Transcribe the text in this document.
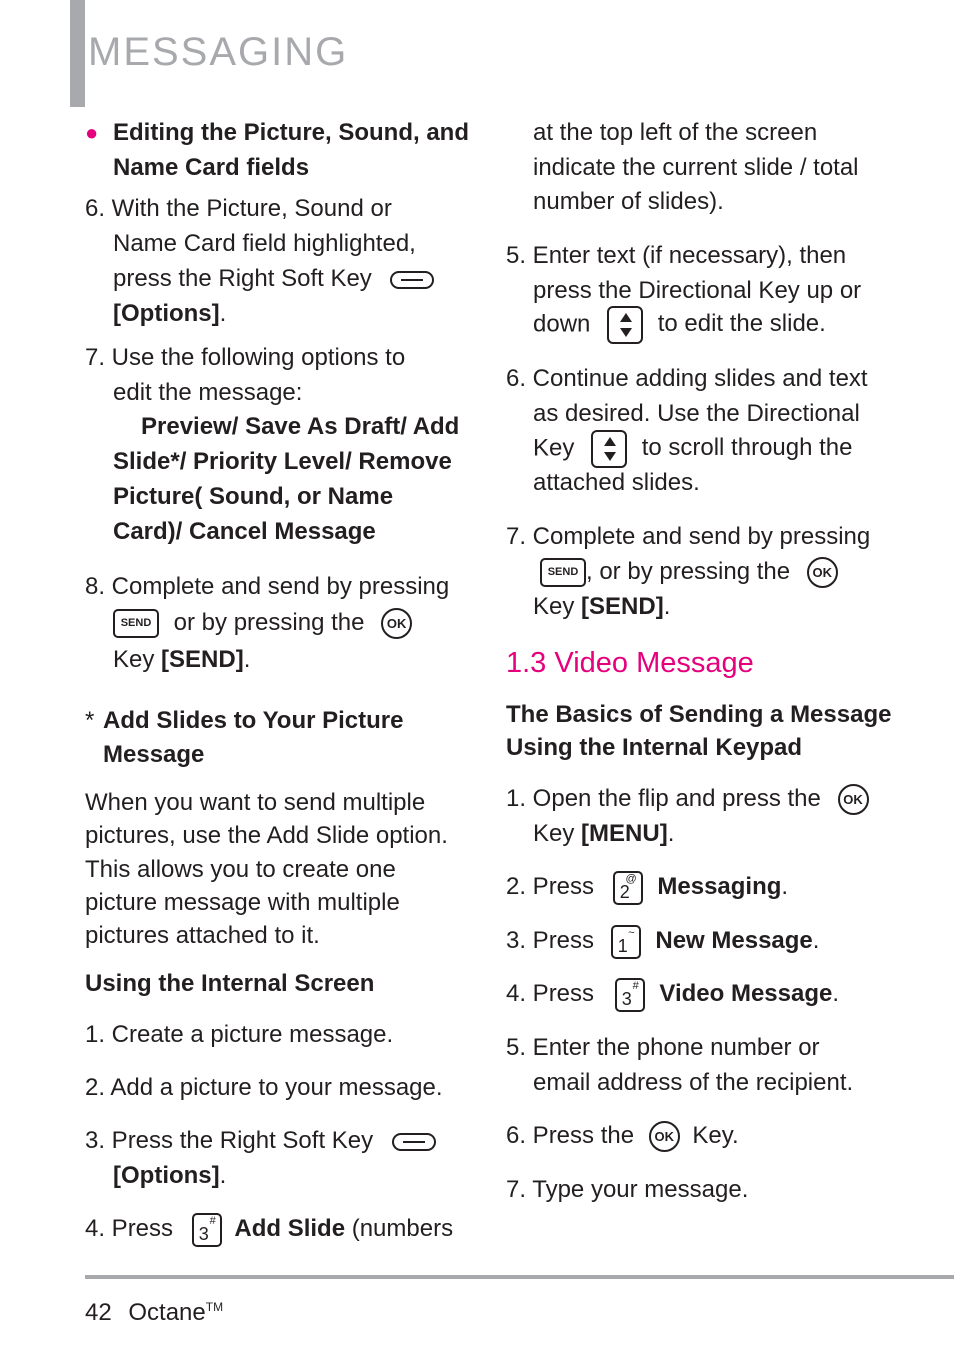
MESSAGING
● Editing the Picture, Sound, and
Name Card fields
6. With the Picture, Sound or
Name Card field highlighted,
press the Right Soft Key
[Options].
7. Use the following options to
edit the message:
Preview/ Save As Draft/ Add
Slide*/ Priority Level/ Remove
Picture( Sound, or Name
Card)/ Cancel Message
8. Complete and send by pressing
SEND or by pressing the OK
Key [SEND].
* Add Slides to Your Picture
Message
When you want to send multiple
pictures, use the Add Slide option.
This allows you to create one
picture message with multiple
pictures attached to it.
Using the Internal Screen
1. Create a picture message.
2. Add a picture to your message.
3. Press the Right Soft Key
[Options].
4. Press 3
# Add Slide (numbers
at the top left of the screen
indicate the current slide / total
number of slides).
5. Enter text (if necessary), then
press the Directional Key up or
down	to edit the slide.
6. Continue adding slides and text
as desired. Use the Directional
Key	to scroll through the
attached slides.
7. Complete and send by pressing
SEND , or by pressing the OK
Key [SEND].
1.3 Video Message
The Basics of Sending a Message
Using the Internal Keypad
1. Open the flip and press the OK
Key [MENU].
2. Press 2
@ Messaging.
3. Press 1
~ New Message.
4. Press 3
# Video Message.
5. Enter the phone number or
email address of the recipient.
6. Press the OK Key.
7. Type your message.
42 Octane™
